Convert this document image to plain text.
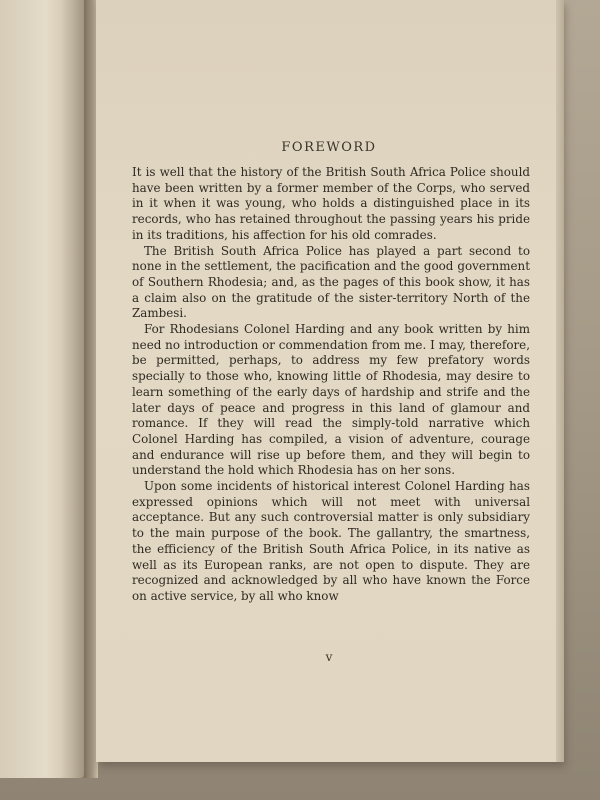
FOREWORD

It is well that the history of the British South Africa Police should have been written by a former member of the Corps, who served in it when it was young, who holds a distinguished place in its records, who has retained throughout the passing years his pride in its traditions, his affection for his old comrades.

The British South Africa Police has played a part second to none in the settlement, the pacification and the good government of Southern Rhodesia; and, as the pages of this book show, it has a claim also on the gratitude of the sister-territory North of the Zambesi.

For Rhodesians Colonel Harding and any book written by him need no introduction or commendation from me. I may, therefore, be permitted, perhaps, to address my few prefatory words specially to those who, knowing little of Rhodesia, may desire to learn something of the early days of hardship and strife and the later days of peace and progress in this land of glamour and romance. If they will read the simply-told narrative which Colonel Harding has compiled, a vision of adventure, courage and endurance will rise up before them, and they will begin to understand the hold which Rhodesia has on her sons.

Upon some incidents of historical interest Colonel Harding has expressed opinions which will not meet with universal acceptance. But any such controversial matter is only subsidiary to the main purpose of the book. The gallantry, the smartness, the efficiency of the British South Africa Police, in its native as well as its European ranks, are not open to dispute. They are recognized and acknowledged by all who have known the Force on active service, by all who know

v
